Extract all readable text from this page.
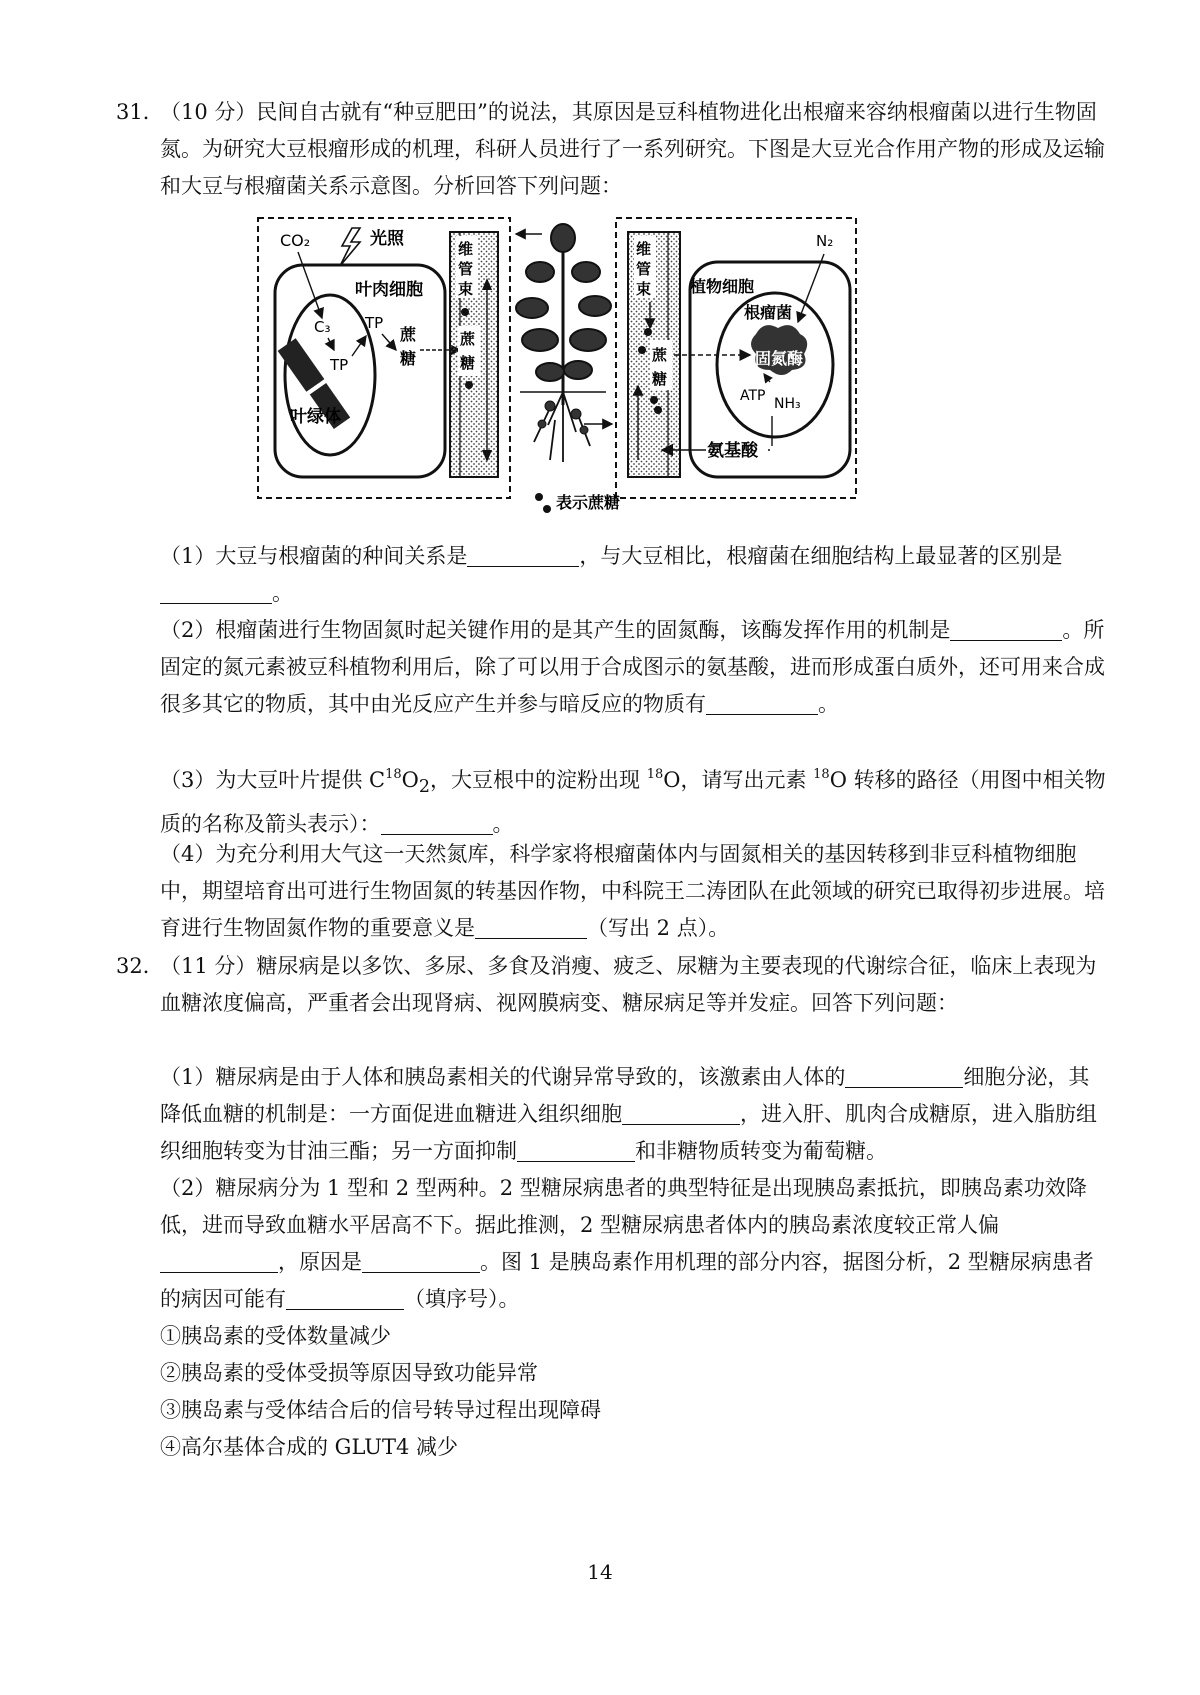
31．
（10 分）民间自古就有“种豆肥田”的说法，其原因是豆科植物进化出根瘤来容纳根瘤菌以进行生物固氮。为研究大豆根瘤形成的机理，科研人员进行了一系列研究。下图是大豆光合作用产物的形成及运输和大豆与根瘤菌关系示意图。分析回答下列问题：
CO₂	光照
叶肉细胞
C₃
TP
TP
蔗
糖
叶绿体
维
管
束
蔗
糖
维
管
束
蔗
糖
植物细胞
根瘤菌
N₂
固氮酶
ATP NH₃
氨基酸
表示蔗糖
（1）大豆与根瘤菌的种间关系是	，与大豆相比，根瘤菌在细胞结构上最显著的区别是。
（2）根瘤菌进行生物固氮时起关键作用的是其产生的固氮酶，该酶发挥作用的机制是	。所固定的氮元素被豆科植物利用后，除了可以用于合成图示的氨基酸，进而形成蛋白质外，还可用来合成很多其它的物质，其中由光反应产生并参与暗反应的物质有	。
（3）为大豆叶片提供 $C^{18}O_2$，大豆根中的淀粉出现 $^{18}$O，请写出元素 $^{18}$O 转移的路径（用图中相关物质的名称及箭头表示）：	。
（4）为充分利用大气这一天然氮库，科学家将根瘤菌体内与固氮相关的基因转移到非豆科植物细胞中，期望培育出可进行生物固氮的转基因作物，中科院王二涛团队在此领域的研究已取得初步进展。培育进行生物固氮作物的重要意义是	（写出 2 点）。
32．
（11 分）糖尿病是以多饮、多尿、多食及消瘦、疲乏、尿糖为主要表现的代谢综合征，临床上表现为血糖浓度偏高，严重者会出现肾病、视网膜病变、糖尿病足等并发症。回答下列问题：
（1）糖尿病是由于人体和胰岛素相关的代谢异常导致的，该激素由人体的	细胞分泌，其降低血糖的机制是：一方面促进血糖进入组织细胞	，进入肝、肌肉合成糖原，进入脂肪组织细胞转变为甘油三酯；另一方面抑制	和非糖物质转变为葡萄糖。
（2）糖尿病分为 1 型和 2 型两种。2 型糖尿病患者的典型特征是出现胰岛素抵抗，即胰岛素功效降低，进而导致血糖水平居高不下。据此推测，2 型糖尿病患者体内的胰岛素浓度较正常人偏，原因是	。图 1 是胰岛素作用机理的部分内容，据图分析，2 型糖尿病患者的病因可能有	（填序号）。
①胰岛素的受体数量减少
②胰岛素的受体受损等原因导致功能异常
③胰岛素与受体结合后的信号转导过程出现障碍
④高尔基体合成的 GLUT4 减少
14
